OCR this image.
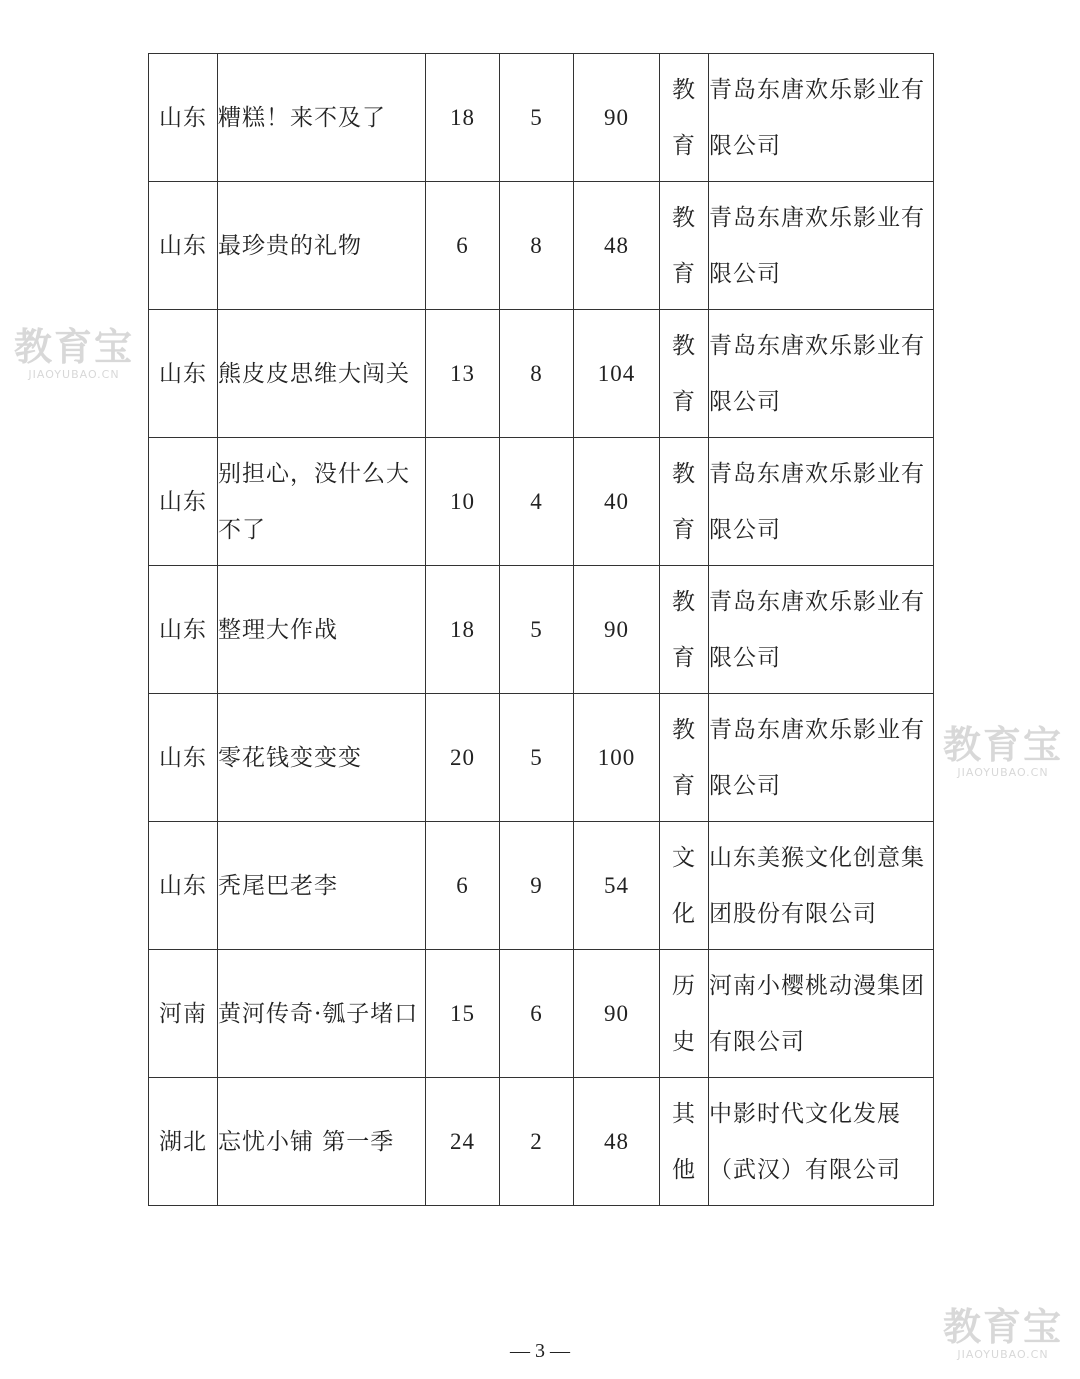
山东	糟糕！来不及了	18	5	90	教育	青岛东唐欢乐影业有限公司
山东	最珍贵的礼物	6	8	48	教育	青岛东唐欢乐影业有限公司
山东	熊皮皮思维大闯关	13	8	104	教育	青岛东唐欢乐影业有限公司
山东	别担心，没什么大不了	10	4	40	教育	青岛东唐欢乐影业有限公司
山东	整理大作战	18	5	90	教育	青岛东唐欢乐影业有限公司
山东	零花钱变变变	20	5	100	教育	青岛东唐欢乐影业有限公司
山东	秃尾巴老李	6	9	54	文化	山东美猴文化创意集团股份有限公司
河南	黄河传奇·瓠子堵口	15	6	90	历史	河南小樱桃动漫集团有限公司
湖北	忘忧小铺 第一季	24	2	48	其他	中影时代文化发展（武汉）有限公司
教育宝
JIAOYUBAO.CN
教育宝
JIAOYUBAO.CN
教育宝
JIAOYUBAO.CN
— 3 —
